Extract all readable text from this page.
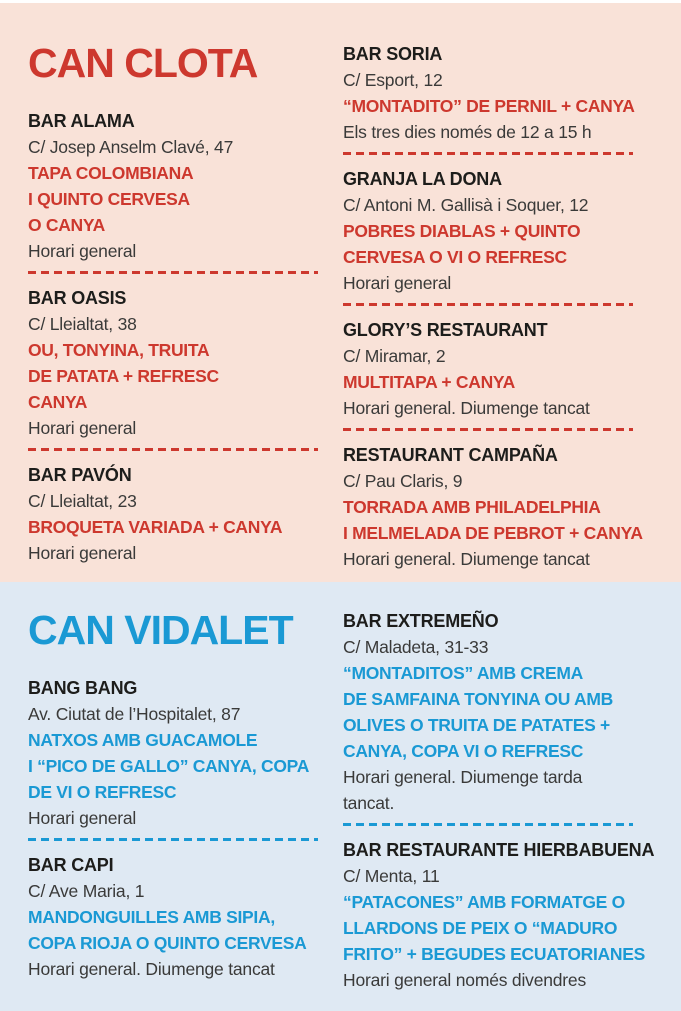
CAN CLOTA
BAR ALAMA
C/ Josep Anselm Clavé, 47
TAPA COLOMBIANA
I QUINTO CERVESA
O CANYA
Horari general
BAR OASIS
C/ Lleialtat, 38
OU, TONYINA, TRUITA
DE PATATA + REFRESC
CANYA
Horari general
BAR PAVÓN
C/ Lleialtat, 23
BROQUETA VARIADA + CANYA
Horari general
BAR SORIA
C/ Esport, 12
“MONTADITO” DE PERNIL + CANYA
Els tres dies només de 12 a 15 h
GRANJA LA DONA
C/ Antoni M. Gallisà i Soquer, 12
POBRES DIABLAS + QUINTO
CERVESA O VI O REFRESC
Horari general
GLORY’S RESTAURANT
C/ Miramar, 2
MULTITAPA + CANYA
Horari general. Diumenge tancat
RESTAURANT CAMPAÑA
C/ Pau Claris, 9
TORRADA AMB PHILADELPHIA
I MELMELADA DE PEBROT + CANYA
Horari general. Diumenge tancat
CAN VIDALET
BANG BANG
Av. Ciutat de l’Hospitalet, 87
NATXOS AMB GUACAMOLE
I “PICO DE GALLO” CANYA, COPA
DE VI O REFRESC
Horari general
BAR CAPI
C/ Ave Maria, 1
MANDONGUILLES AMB SIPIA,
COPA RIOJA O QUINTO CERVESA
Horari general. Diumenge tancat
BAR EXTREMEÑO
C/ Maladeta, 31-33
“MONTADITOS” AMB CREMA
DE SAMFAINA TONYINA OU AMB
OLIVES O TRUITA DE PATATES +
CANYA, COPA VI O REFRESC
Horari general. Diumenge tarda
tancat.
BAR RESTAURANTE HIERBABUENA
C/ Menta, 11
“PATACONES” AMB FORMATGE O
LLARDONS DE PEIX O “MADURO
FRITO” + BEGUDES ECUATORIANES
Horari general només divendres
